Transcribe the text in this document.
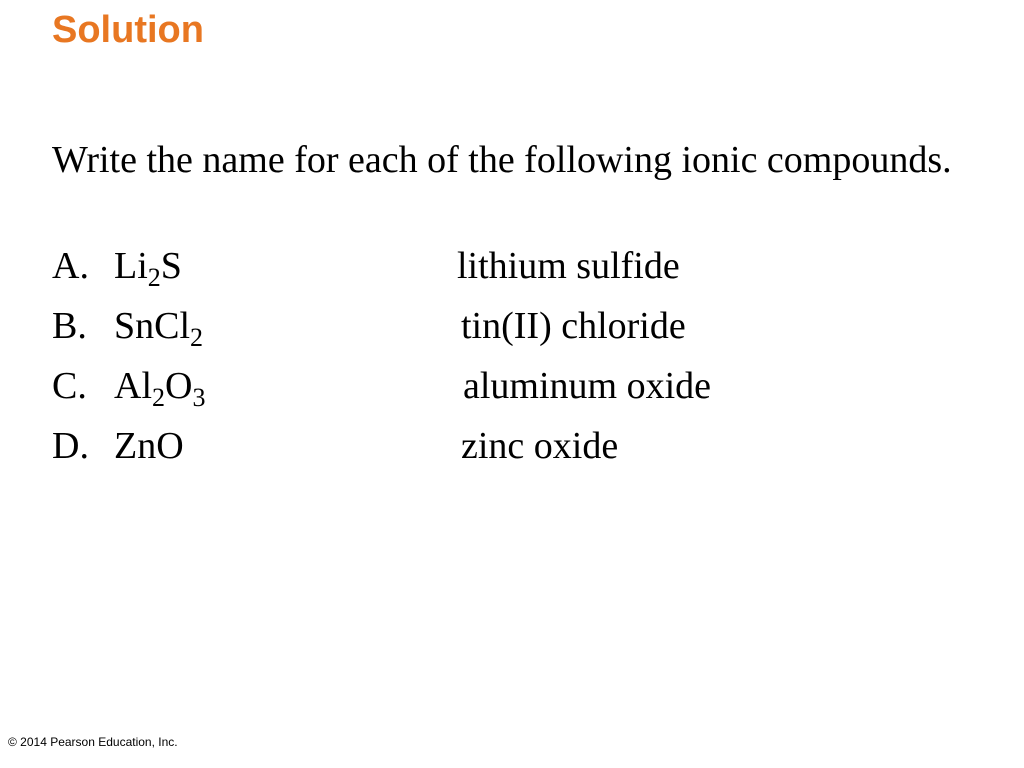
Solution
Write the name for each of the following ionic compounds.
A. $Li_2S$	lithium sulfide
B. SnCl$_2$	tin(II) chloride
C. $Al_2O_3$	aluminum oxide
D. ZnO	zinc oxide
© 2014 Pearson Education, Inc.
